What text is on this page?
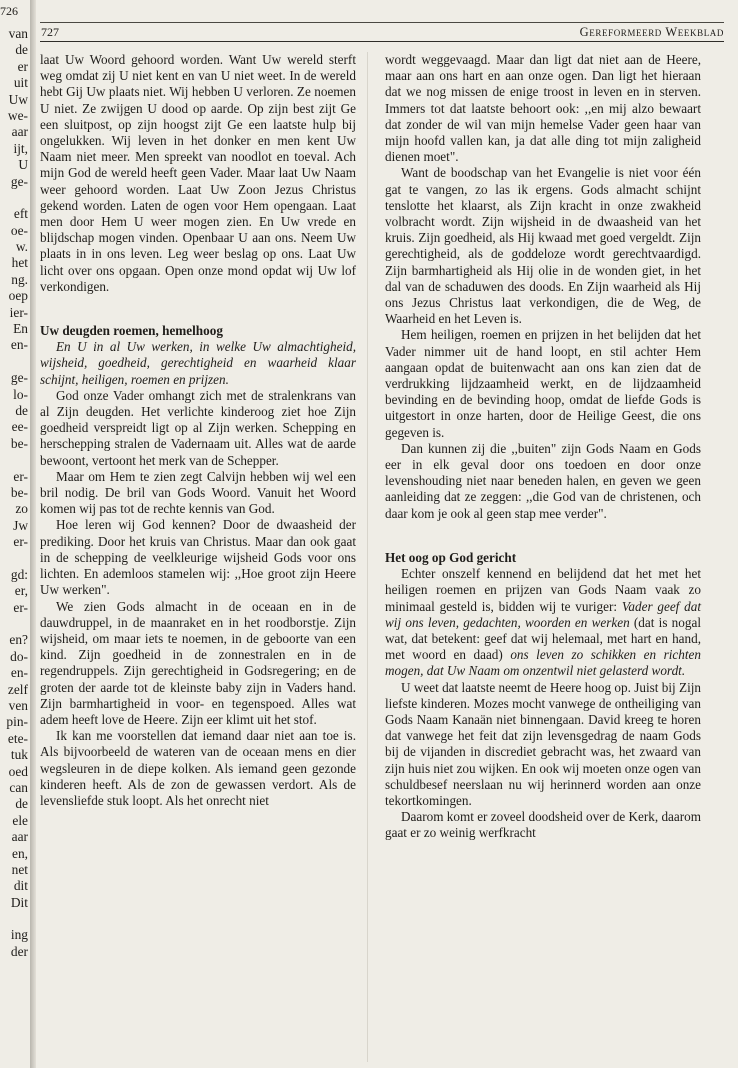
726
van
de
er
uit
Uw
we-
aar
ijt,
U
ge-
eft
oe-
w.
het
ng.
oep
ier-
En
en-
ge-
lo-
de
ee-
be-
er-
be-
zo
Jw
er-
gd:
er,
er-
en?
do-
en-
zelf
ven
pin-
ete-
tuk
oed
can
de
ele
aar
en,
net
dit
Dit
ing
der
727	Gereformeerd Weekblad

laat Uw Woord gehoord worden. Want Uw wereld sterft weg omdat zij U niet kent en van U niet weet. In de wereld hebt Gij Uw plaats niet. Wij hebben U verloren. Ze noemen U niet. Ze zwijgen U dood op aarde. Op zijn best zijt Ge een sluitpost, op zijn hoogst zijt Ge een laatste hulp bij ongelukken. Wij leven in het donker en men kent Uw Naam niet meer. Men spreekt van noodlot en toeval. Ach mijn God de wereld heeft geen Vader. Maar laat Uw Naam weer gehoord worden. Laat Uw Zoon Jezus Christus gekend worden. Laten de ogen voor Hem opengaan. Laat men door Hem U weer mogen zien. En Uw vrede en blijdschap mogen vinden. Openbaar U aan ons. Neem Uw plaats in in ons leven. Leg weer beslag op ons. Laat Uw licht over ons opgaan. Open onze mond opdat wij Uw lof verkondigen.

Uw deugden roemen, hemelhoog

En U in al Uw werken, in welke Uw almachtigheid, wijsheid, goedheid, gerechtigheid en waarheid klaar schijnt, heiligen, roemen en prijzen.

God onze Vader omhangt zich met de stralenkrans van al Zijn deugden. Het verlichte kinderoog ziet hoe Zijn goedheid verspreidt ligt op al Zijn werken. Schepping en herschepping stralen de Vadernaam uit. Alles wat de aarde bewoont, vertoont het merk van de Schepper.

Maar om Hem te zien zegt Calvijn hebben wij wel een bril nodig. De bril van Gods Woord. Vanuit het Woord komen wij pas tot de rechte kennis van God.

Hoe leren wij God kennen? Door de dwaasheid der prediking. Door het kruis van Christus. Maar dan ook gaat in de schepping de veelkleurige wijsheid Gods voor ons lichten. En ademloos stamelen wij: ,,Hoe groot zijn Heere Uw werken".

We zien Gods almacht in de oceaan en in de dauwdruppel, in de maanraket en in het roodborstje. Zijn wijsheid, om maar iets te noemen, in de geboorte van een kind. Zijn goedheid in de zonnestralen en in de regendruppels. Zijn gerechtigheid in Godsregering; en de groten der aarde tot de kleinste baby zijn in Vaders hand. Zijn barmhartigheid in voor- en tegenspoed. Alles wat adem heeft love de Heere. Zijn eer klimt uit het stof.

Ik kan me voorstellen dat iemand daar niet aan toe is. Als bijvoorbeeld de wateren van de oceaan mens en dier wegsleuren in de diepe kolken. Als iemand geen gezonde kinderen heeft. Als de zon de gewassen verdort. Als de levensliefde stuk loopt. Als het onrecht niet

wordt weggevaagd. Maar dan ligt dat niet aan de Heere, maar aan ons hart en aan onze ogen. Dan ligt het hieraan dat we nog missen de enige troost in leven en in sterven. Immers tot dat laatste behoort ook: ,,en mij alzo bewaart dat zonder de wil van mijn hemelse Vader geen haar van mijn hoofd vallen kan, ja dat alle ding tot mijn zaligheid dienen moet".

Want de boodschap van het Evangelie is niet voor één gat te vangen, zo las ik ergens. Gods almacht schijnt tenslotte het klaarst, als Zijn kracht in onze zwakheid volbracht wordt. Zijn wijsheid in de dwaasheid van het kruis. Zijn goedheid, als Hij kwaad met goed vergeldt. Zijn gerechtigheid, als de goddeloze wordt gerechtvaardigd. Zijn barmhartigheid als Hij olie in de wonden giet, in het dal van de schaduwen des doods. En Zijn waarheid als Hij ons Jezus Christus laat verkondigen, die de Weg, de Waarheid en het Leven is.

Hem heiligen, roemen en prijzen in het belijden dat het Vader nimmer uit de hand loopt, en stil achter Hem aangaan opdat de buitenwacht aan ons kan zien dat de verdrukking lijdzaamheid werkt, en de lijdzaamheid bevinding en de bevinding hoop, omdat de liefde Gods is uitgestort in onze harten, door de Heilige Geest, die ons gegeven is.

Dan kunnen zij die ,,buiten" zijn Gods Naam en Gods eer in elk geval door ons toedoen en door onze levenshouding niet naar beneden halen, en geven we geen aanleiding dat ze zeggen: ,,die God van de christenen, och daar kom je ook al geen stap mee verder".

Het oog op God gericht

Echter onszelf kennend en belijdend dat het met het heiligen roemen en prijzen van Gods Naam vaak zo minimaal gesteld is, bidden wij te vuriger: Vader geef dat wij ons leven, gedachten, woorden en werken (dat is nogal wat, dat betekent: geef dat wij helemaal, met hart en hand, met woord en daad) ons leven zo schikken en richten mogen, dat Uw Naam om onzentwil niet gelasterd wordt.

U weet dat laatste neemt de Heere hoog op. Juist bij Zijn liefste kinderen. Mozes mocht vanwege de ontheiliging van Gods Naam Kanaän niet binnengaan. David kreeg te horen dat vanwege het feit dat zijn levensgedrag de naam Gods bij de vijanden in discrediet gebracht was, het zwaard van zijn huis niet zou wijken. En ook wij moeten onze ogen van schuldbesef neerslaan nu wij herinnerd worden aan onze tekortkomingen.

Daarom komt er zoveel doodsheid over de Kerk, daarom gaat er zo weinig werfkracht
